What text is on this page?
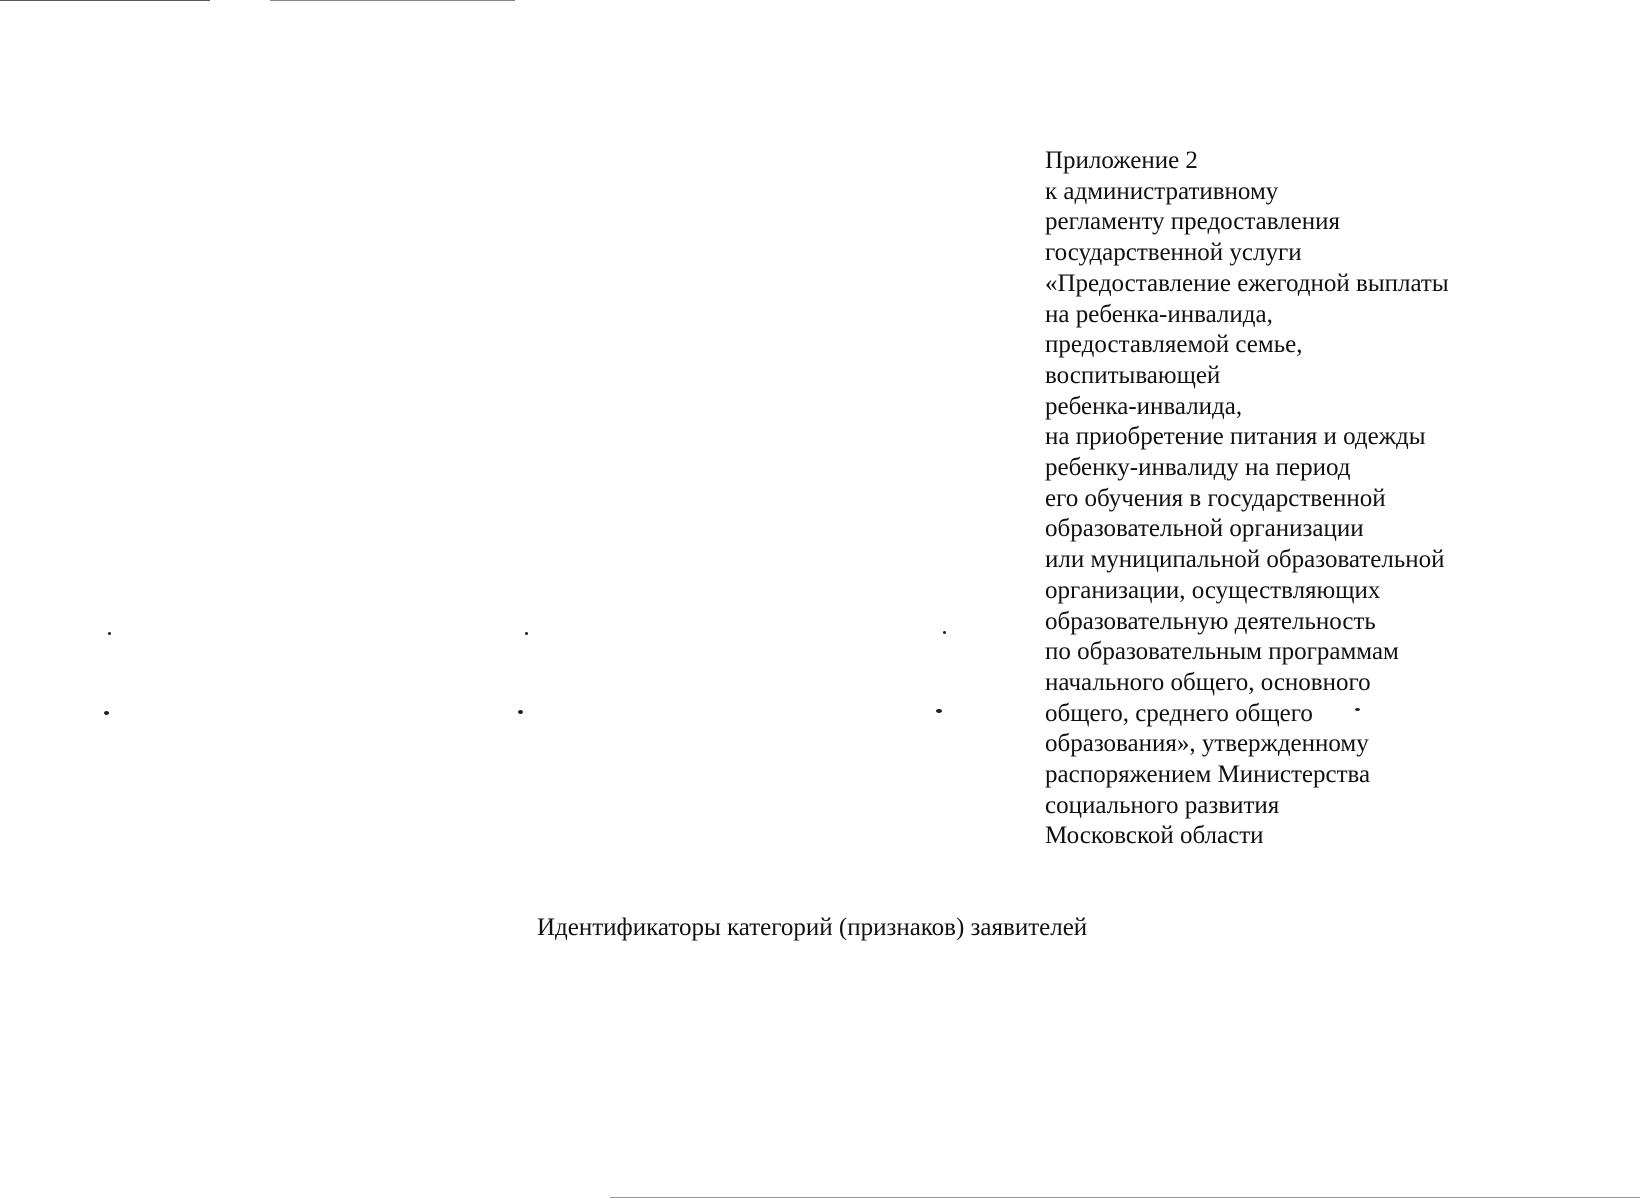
Приложение 2
к административному
регламенту предоставления
государственной услуги
«Предоставление ежегодной выплаты
на ребенка-инвалида,
предоставляемой семье,
воспитывающей
ребенка-инвалида,
на приобретение питания и одежды
ребенку-инвалиду на период
его обучения в государственной
образовательной организации
или муниципальной образовательной
организации, осуществляющих
образовательную деятельность
по образовательным программам
начального общего, основного
общего, среднего общего
образования», утвержденному
распоряжением Министерства
социального развития
Московской области
Идентификаторы категорий (признаков) заявителей
